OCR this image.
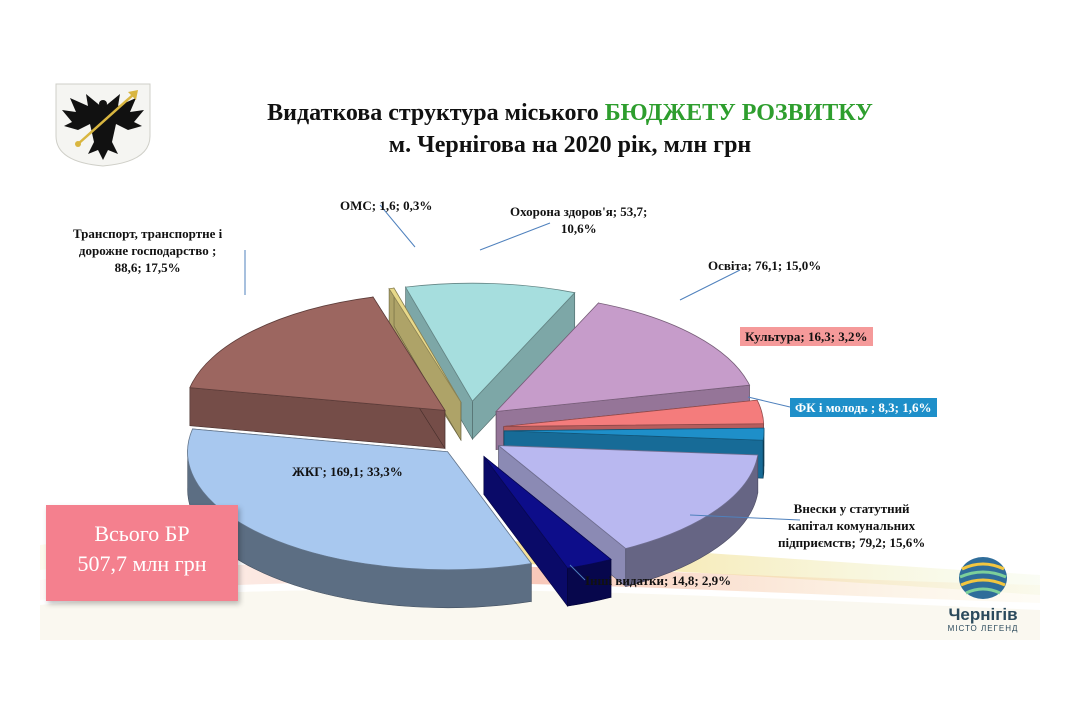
Видаткова структура міського БЮДЖЕТУ РОЗВИТКУ
м. Чернігова на 2020 рік, млн грн
ОМС; 1,6; 0,3%	Охорона здоров'я; 53,7;
10,6%
Освіта; 76,1; 15,0%
Культура; 16,3; 3,2%
ФК і молодь ; 8,3; 1,6%
Внески у статутний
капітал комунальних
підприємств; 79,2; 15,6%
Інші видатки; 14,8; 2,9%
ЖКГ; 169,1; 33,3%
Транспорт, транспортне і
дорожне господарство ;
88,6; 17,5%
Всього БР
507,7 млн грн
Чернігів
МІСТО ЛЕГЕНД
